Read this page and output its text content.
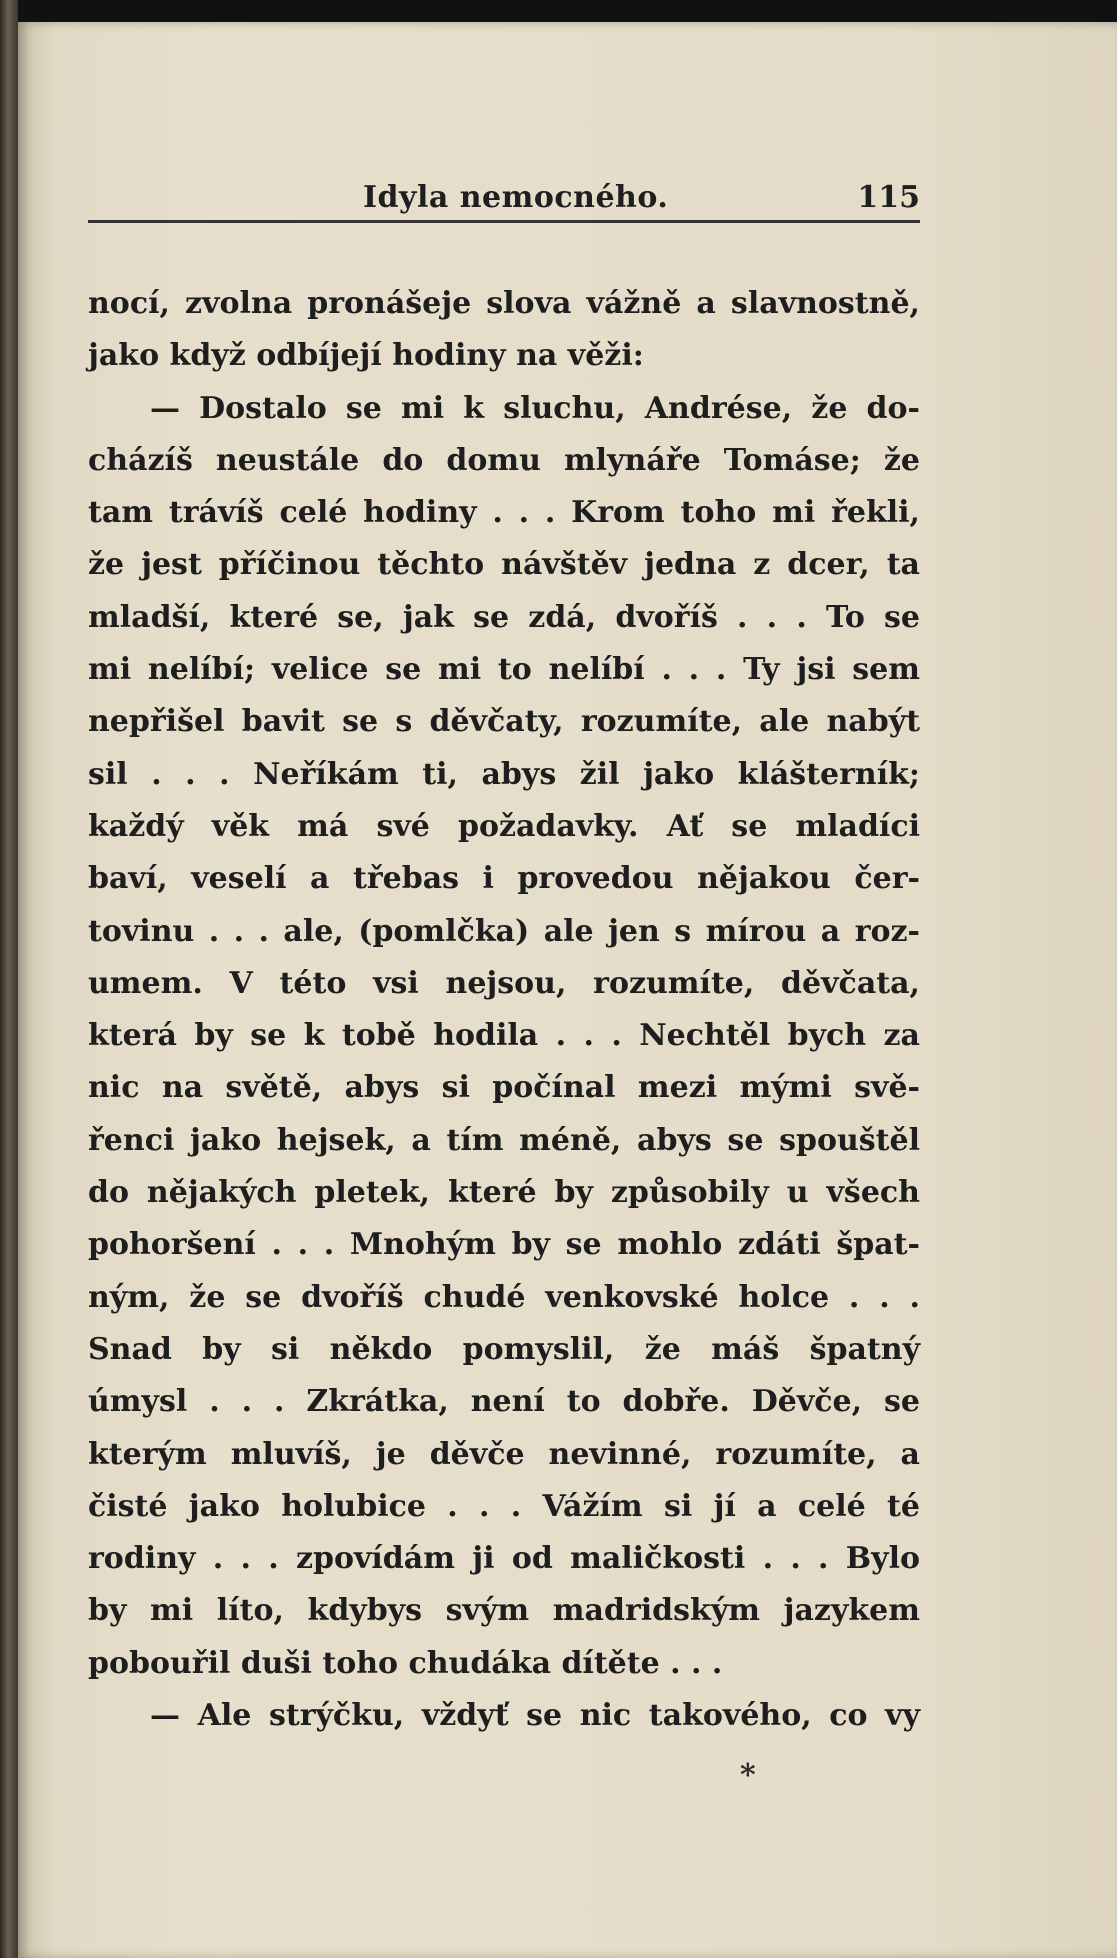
Idyla nemocného.	115
nocí, zvolna pronášeje slova vážně a slavnostně,
jako když odbíjejí hodiny na věži:
— Dostalo se mi k sluchu, Andrése, že do-
cházíš neustále do domu mlynáře Tomáse; že
tam trávíš celé hodiny . . . Krom toho mi řekli,
že jest příčinou těchto návštěv jedna z dcer, ta
mladší, které se, jak se zdá, dvoříš . . . To se
mi nelíbí; velice se mi to nelíbí . . . Ty jsi sem
nepřišel bavit se s děvčaty, rozumíte, ale nabýt
sil . . . Neříkám ti, abys žil jako klášterník;
každý věk má své požadavky. Ať se mladíci
baví, veselí a třebas i provedou nějakou čer-
tovinu . . . ale, (pomlčka) ale jen s mírou a roz-
umem. V této vsi nejsou, rozumíte, děvčata,
která by se k tobě hodila . . . Nechtěl bych za
nic na světě, abys si počínal mezi mými svě-
řenci jako hejsek, a tím méně, abys se spouštěl
do nějakých pletek, které by způsobily u všech
pohoršení . . . Mnohým by se mohlo zdáti špat-
ným, že se dvoříš chudé venkovské holce . . .
Snad by si někdo pomyslil, že máš špatný
úmysl . . . Zkrátka, není to dobře. Děvče, se
kterým mluvíš, je děvče nevinné, rozumíte, a
čisté jako holubice . . . Vážím si jí a celé té
rodiny . . . zpovídám ji od maličkosti . . . Bylo
by mi líto, kdybys svým madridským jazykem
pobouřil duši toho chudáka dítěte . . .
— Ale strýčku, vždyť se nic takového, co vy
*
